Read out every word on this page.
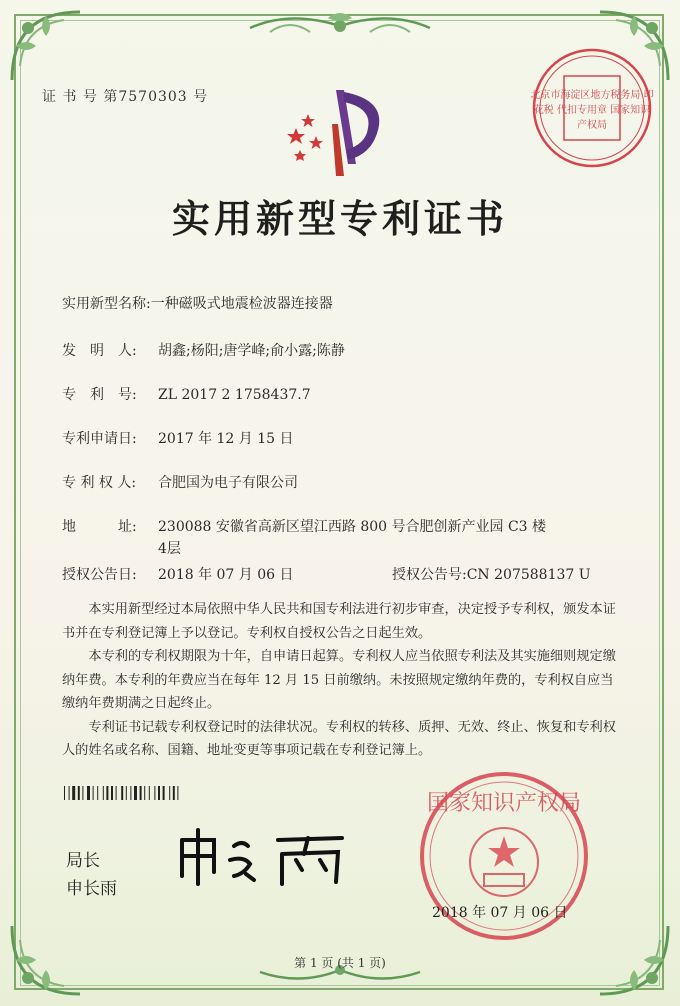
证 书 号 第7570303 号	北京市海淀区地方税务局 印花税 代扣专用章 国家知识产权局
实用新型专利证书
实用新型名称:一种磁吸式地震检波器连接器
发　明　人: 胡鑫;杨阳;唐学峰;俞小露;陈静
专　利　号: ZL 2017 2 1758437.7
专利申请日: 2017 年 12 月 15 日
专 利 权 人: 合肥国为电子有限公司
地　　　址: 230088 安徽省高新区望江西路 800 号合肥创新产业园 C3 楼
4层
授权公告日: 2018 年 07 月 06 日	授权公告号:CN 207588137 U

本实用新型经过本局依照中华人民共和国专利法进行初步审查，决定授予专利权，颁发本证书并在专利登记簿上予以登记。专利权自授权公告之日起生效。

本专利的专利权期限为十年，自申请日起算。专利权人应当依照专利法及其实施细则规定缴纳年费。本专利的年费应当在每年 12 月 15 日前缴纳。未按照规定缴纳年费的，专利权自应当缴纳年费期满之日起终止。

专利证书记载专利权登记时的法律状况。专利权的转移、质押、无效、终止、恢复和专利权人的姓名或名称、国籍、地址变更等事项记载在专利登记簿上。

局长
申长雨
国家知识产权局
2018 年 07 月 06 日
第 1 页 (共 1 页)
